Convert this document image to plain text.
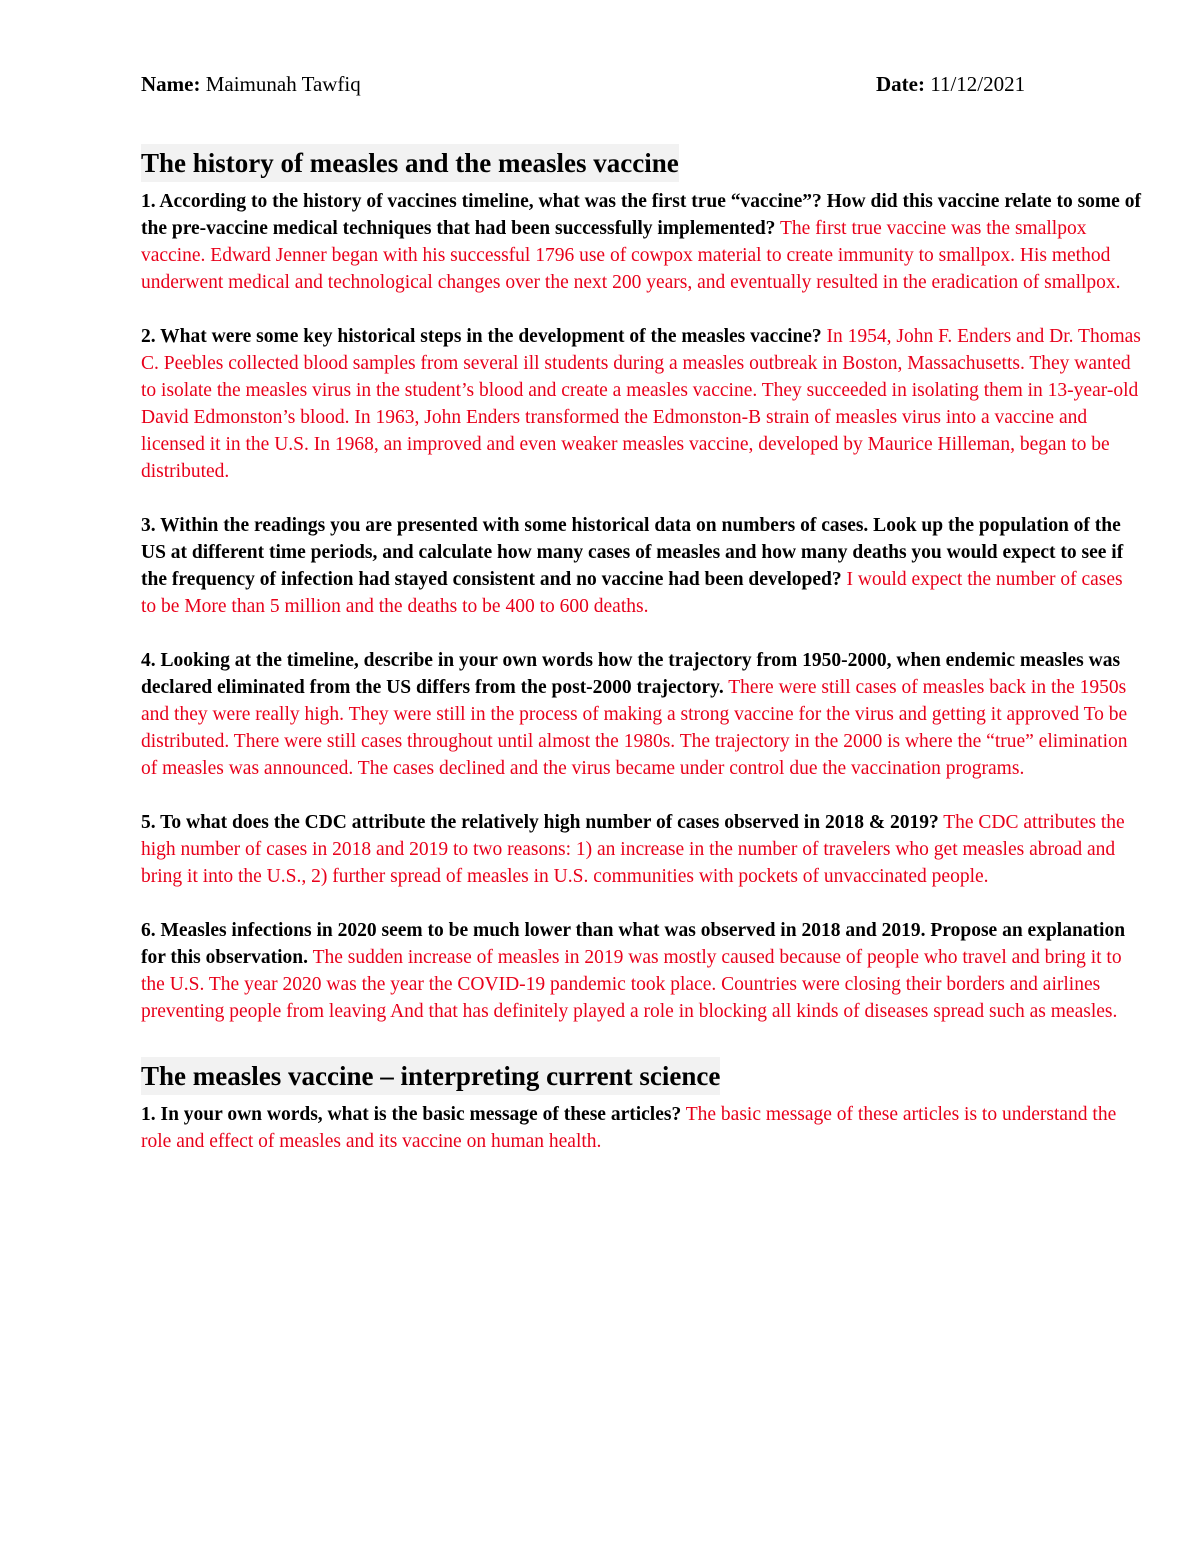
Name: Maimunah Tawfiq	Date: 11/12/2021
The history of measles and the measles vaccine

1. According to the history of vaccines timeline, what was the first true “vaccine”? How did this vaccine relate to some of the pre-vaccine medical techniques that had been successfully implemented? The first true vaccine was the smallpox vaccine. Edward Jenner began with his successful 1796 use of cowpox material to create immunity to smallpox. His method underwent medical and technological changes over the next 200 years, and eventually resulted in the eradication of smallpox.

2. What were some key historical steps in the development of the measles vaccine? In 1954, John F. Enders and Dr. Thomas C. Peebles collected blood samples from several ill students during a measles outbreak in Boston, Massachusetts. They wanted to isolate the measles virus in the student’s blood and create a measles vaccine. They succeeded in isolating them in 13-year-old David Edmonston’s blood. In 1963, John Enders transformed the Edmonston-B strain of measles virus into a vaccine and licensed it in the U.S. In 1968, an improved and even weaker measles vaccine, developed by Maurice Hilleman, began to be distributed.

3. Within the readings you are presented with some historical data on numbers of cases. Look up the population of the US at different time periods, and calculate how many cases of measles and how many deaths you would expect to see if the frequency of infection had stayed consistent and no vaccine had been developed? I would expect the number of cases to be More than 5 million and the deaths to be 400 to 600 deaths.

4. Looking at the timeline, describe in your own words how the trajectory from 1950-2000, when endemic measles was declared eliminated from the US differs from the post-2000 trajectory. There were still cases of measles back in the 1950s and they were really high. They were still in the process of making a strong vaccine for the virus and getting it approved To be distributed. There were still cases throughout until almost the 1980s. The trajectory in the 2000 is where the “true” elimination of measles was announced. The cases declined and the virus became under control due the vaccination programs.

5. To what does the CDC attribute the relatively high number of cases observed in 2018 & 2019? The CDC attributes the high number of cases in 2018 and 2019 to two reasons: 1) an increase in the number of travelers who get measles abroad and bring it into the U.S., 2) further spread of measles in U.S. communities with pockets of unvaccinated people.

6. Measles infections in 2020 seem to be much lower than what was observed in 2018 and 2019. Propose an explanation for this observation. The sudden increase of measles in 2019 was mostly caused because of people who travel and bring it to the U.S. The year 2020 was the year the COVID-19 pandemic took place. Countries were closing their borders and airlines preventing people from leaving And that has definitely played a role in blocking all kinds of diseases spread such as measles.

The measles vaccine – interpreting current science

1. In your own words, what is the basic message of these articles? The basic message of these articles is to understand the role and effect of measles and its vaccine on human health.
